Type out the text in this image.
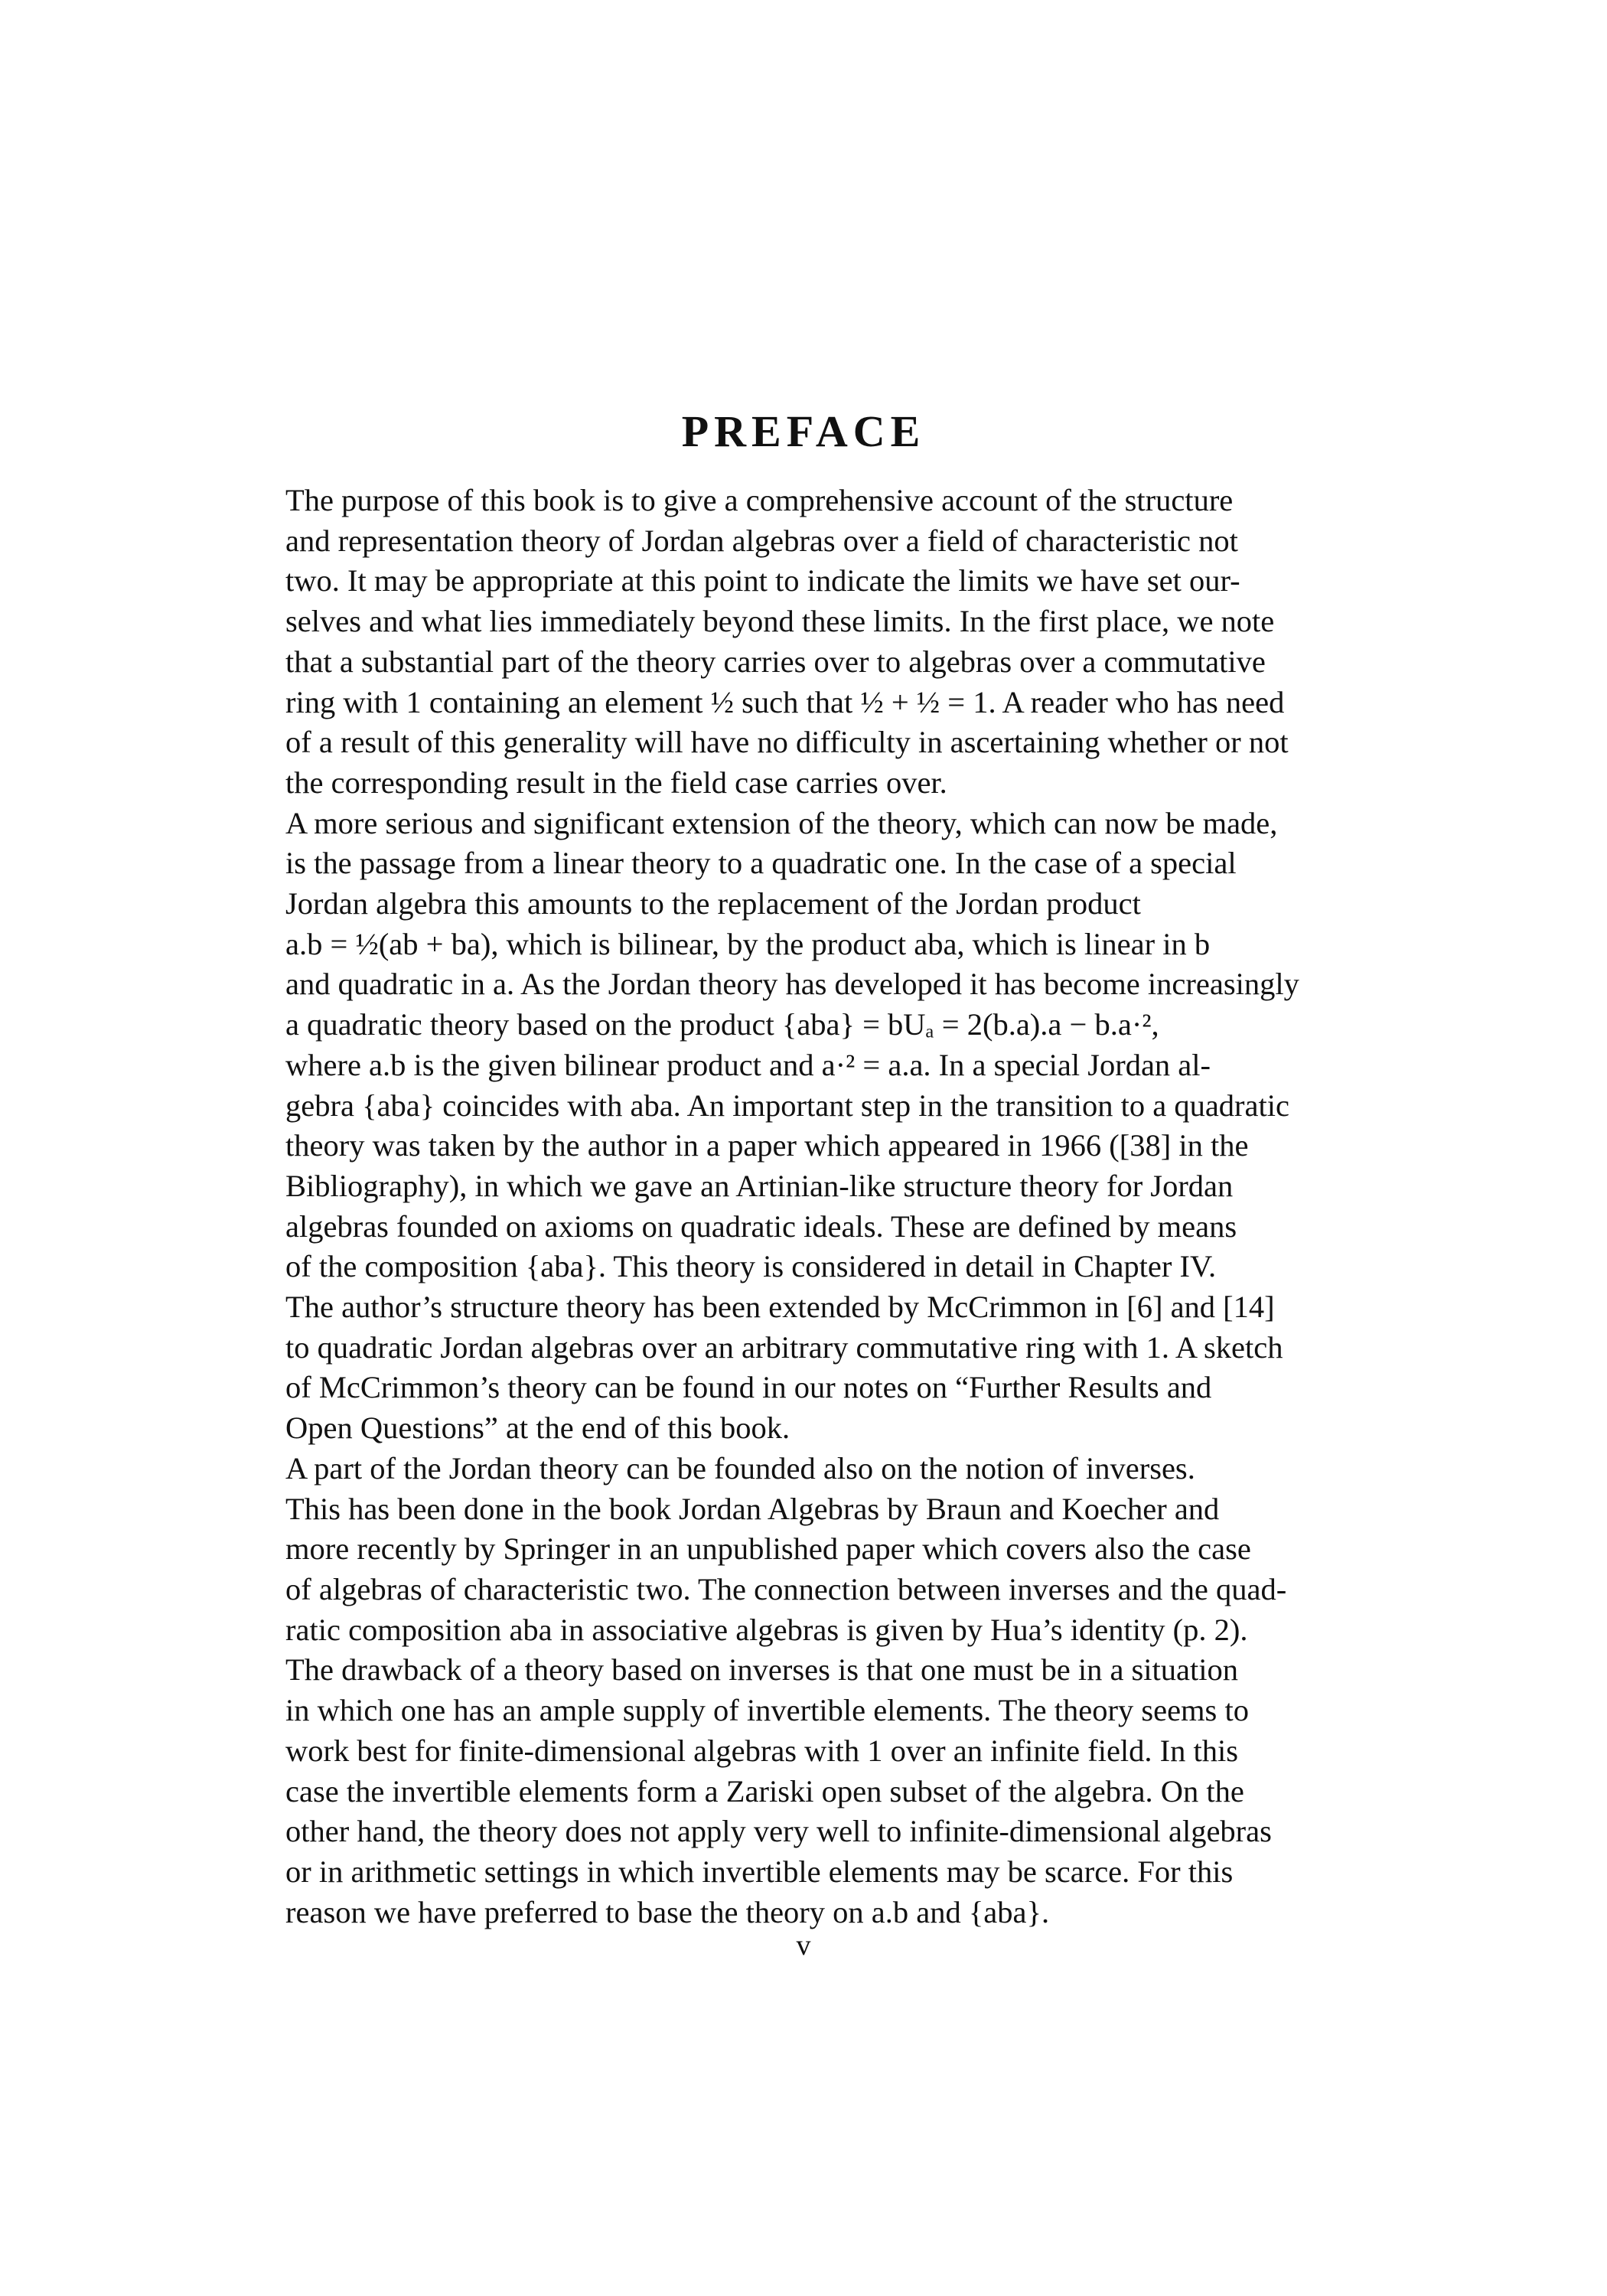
PREFACE

The purpose of this book is to give a comprehensive account of the structure
and representation theory of Jordan algebras over a field of characteristic not
two. It may be appropriate at this point to indicate the limits we have set our-
selves and what lies immediately beyond these limits. In the first place, we note
that a substantial part of the theory carries over to algebras over a commutative
ring with 1 containing an element ½ such that ½ + ½ = 1. A reader who has need
of a result of this generality will have no difficulty in ascertaining whether or not
the corresponding result in the field case carries over.

A more serious and significant extension of the theory, which can now be made,
is the passage from a linear theory to a quadratic one. In the case of a special
Jordan algebra this amounts to the replacement of the Jordan product
a.b = ½(ab + ba), which is bilinear, by the product aba, which is linear in b
and quadratic in a. As the Jordan theory has developed it has become increasingly
a quadratic theory based on the product {aba} = bUₐ = 2(b.a).a − b.a·²,
where a.b is the given bilinear product and a·² = a.a. In a special Jordan al-
gebra {aba} coincides with aba. An important step in the transition to a quadratic
theory was taken by the author in a paper which appeared in 1966 ([38] in the
Bibliography), in which we gave an Artinian-like structure theory for Jordan
algebras founded on axioms on quadratic ideals. These are defined by means
of the composition {aba}. This theory is considered in detail in Chapter IV.
The author’s structure theory has been extended by McCrimmon in [6] and [14]
to quadratic Jordan algebras over an arbitrary commutative ring with 1. A sketch
of McCrimmon’s theory can be found in our notes on “Further Results and
Open Questions” at the end of this book.

A part of the Jordan theory can be founded also on the notion of inverses.
This has been done in the book Jordan Algebras by Braun and Koecher and
more recently by Springer in an unpublished paper which covers also the case
of algebras of characteristic two. The connection between inverses and the quad-
ratic composition aba in associative algebras is given by Hua’s identity (p. 2).
The drawback of a theory based on inverses is that one must be in a situation
in which one has an ample supply of invertible elements. The theory seems to
work best for finite-dimensional algebras with 1 over an infinite field. In this
case the invertible elements form a Zariski open subset of the algebra. On the
other hand, the theory does not apply very well to infinite-dimensional algebras
or in arithmetic settings in which invertible elements may be scarce. For this
reason we have preferred to base the theory on a.b and {aba}.

v
